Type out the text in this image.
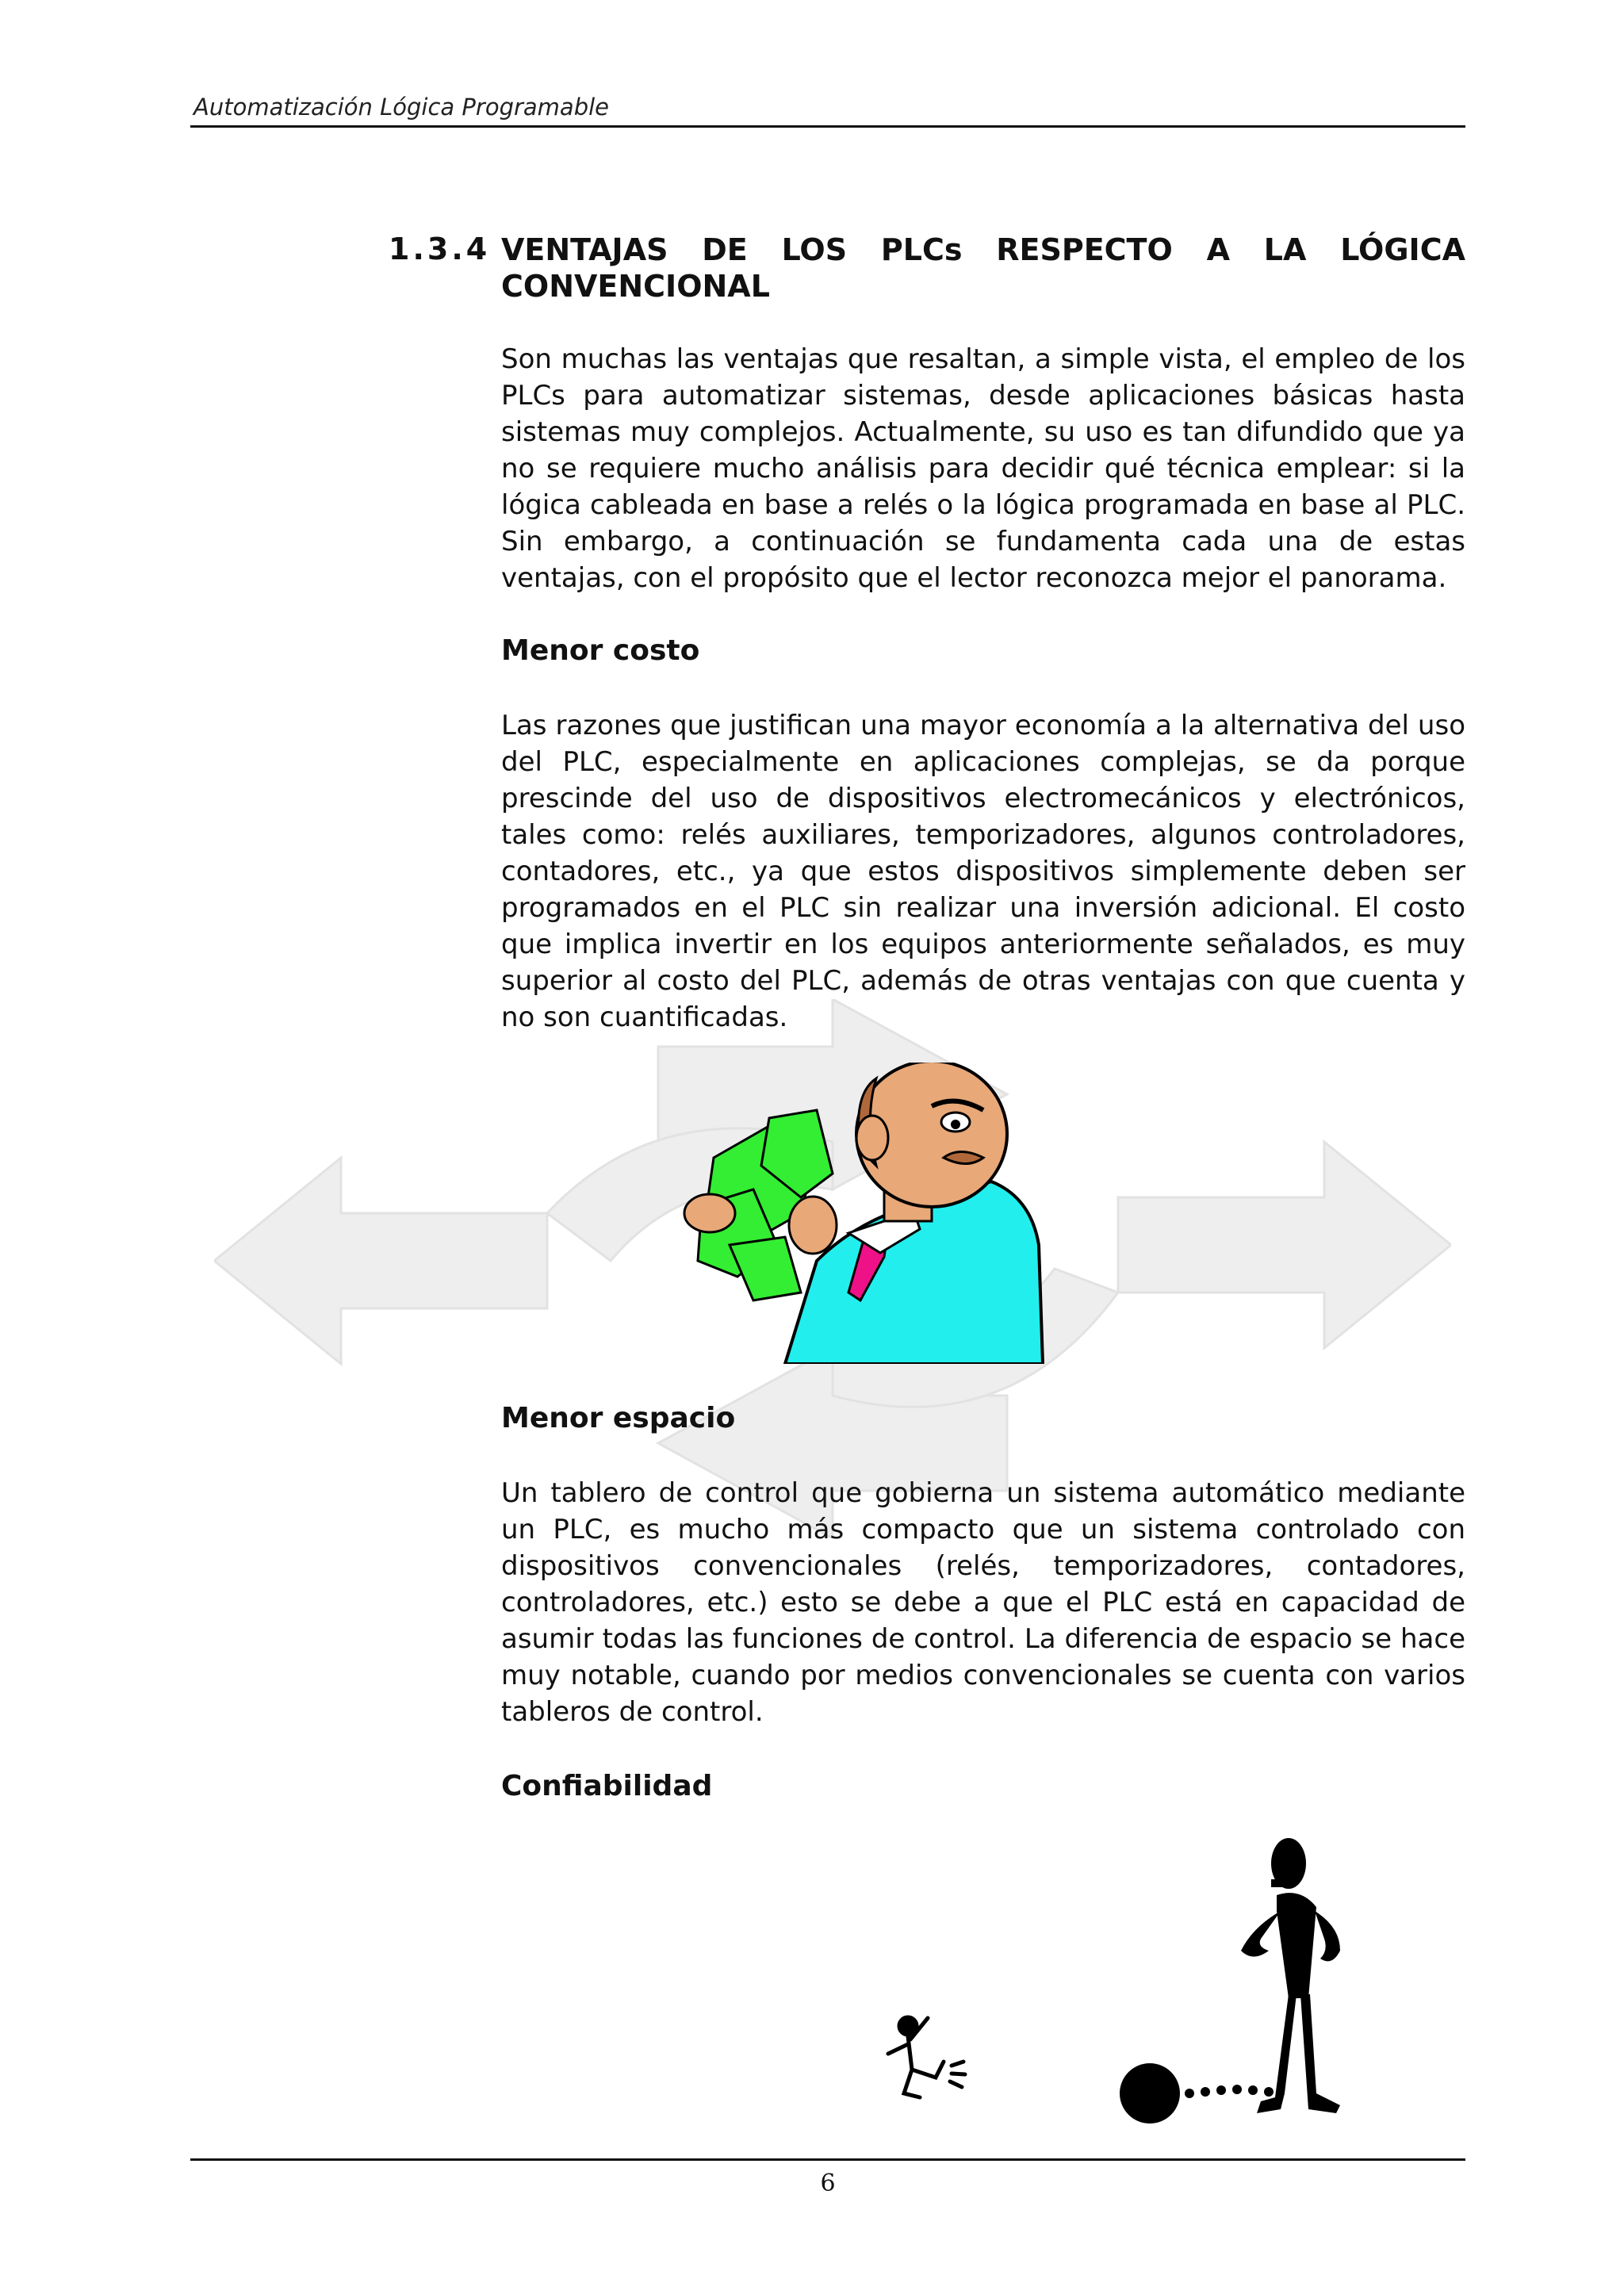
Automatización Lógica Programable
1.3.4 VENTAJAS DE LOS PLCs RESPECTO A LA LÓGICA
CONVENCIONAL
Son muchas las ventajas que resaltan, a simple vista, el empleo de los PLCs para automatizar sistemas, desde aplicaciones básicas hasta sistemas muy complejos. Actualmente, su uso es tan difundido que ya no se requiere mucho análisis para decidir qué técnica emplear: si la lógica cableada en base a relés o la lógica programada en base al PLC. Sin embargo, a continuación se fundamenta cada una de estas ventajas, con el propósito que el lector reconozca mejor el panorama.
Menor costo
Las razones que justifican una mayor economía a la alternativa del uso del PLC, especialmente en aplicaciones complejas, se da porque prescinde del uso de dispositivos electromecánicos y electrónicos, tales como: relés auxiliares, temporizadores, algunos controladores, contadores, etc., ya que estos dispositivos simplemente deben ser programados en el PLC sin realizar una inversión adicional. El costo que implica invertir en los equipos anteriormente señalados, es muy superior al costo del PLC, además de otras ventajas con que cuenta y no son cuantificadas.
Menor espacio
Un tablero de control que gobierna un sistema automático mediante un PLC, es mucho más compacto que un sistema controlado con dispositivos convencionales (relés, temporizadores, contadores, controladores, etc.) esto se debe a que el PLC está en capacidad de asumir todas las funciones de control. La diferencia de espacio se hace muy notable, cuando por medios convencionales se cuenta con varios tableros de control.
Confiabilidad
6
